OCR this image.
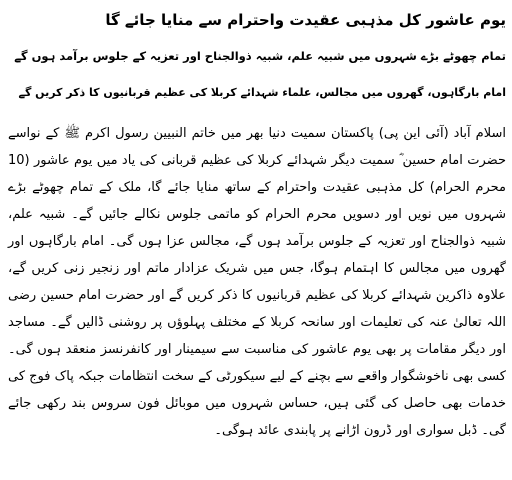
یوم عاشور کل مذہبی عقیدت واحترام سے منایا جائے گا
تمام چھوٹے بڑے شہروں میں شبیہ علم، شبیہ ذوالجناح اور تعزیہ کے جلوس برآمد ہوں گے
امام بارگاہوں، گھروں میں مجالس، علماء شہدائے کربلا کی عظیم قربانیوں کا ذکر کریں گے

اسلام آباد (آئی این پی) پاکستان سمیت دنیا بھر میں خاتم النبیین رسول اکرم ﷺ کے نواسے حضرت امام حسین ؓ سمیت دیگر شہدائے کربلا کی عظیم قربانی کی یاد میں یوم عاشور (10 محرم الحرام) کل مذہبی عقیدت واحترام کے ساتھ منایا جائے گا، ملک کے تمام چھوٹے بڑے شہروں میں نویں اور دسویں محرم الحرام کو ماتمی جلوس نکالے جائیں گے۔ شبیہ علم، شبیہ ذوالجناح اور تعزیہ کے جلوس برآمد ہوں گے، مجالس عزا ہوں گی۔ امام بارگاہوں اور گھروں میں مجالس کا اہتمام ہوگا، جس میں شریک عزادار ماتم اور زنجیر زنی کریں گے، علاوہ ذاکرین شہدائے کربلا کی عظیم قربانیوں کا ذکر کریں گے اور حضرت امام حسین رضی اللہ تعالیٰ عنہ کی تعلیمات اور سانحہ کربلا کے مختلف پہلوؤں پر روشنی ڈالیں گے۔ مساجد اور دیگر مقامات پر بھی یوم عاشور کی مناسبت سے سیمینار اور کانفرنسز منعقد ہوں گی۔ کسی بھی ناخوشگوار واقعے سے بچنے کے لیے سیکورٹی کے سخت انتظامات جبکہ پاک فوج کی خدمات بھی حاصل کی گئی ہیں، حساس شہروں میں موبائل فون سروس بند رکھی جائے گی۔ ڈبل سواری اور ڈرون اڑانے پر پابندی عائد ہوگی۔
